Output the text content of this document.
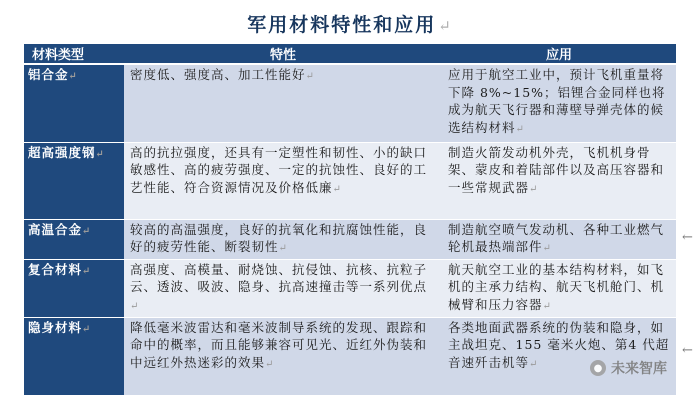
军用材料特性和应用 ↵
材料类型	特性	应用
铝合金↵	密度低、强度高、加工性能好↵	应用于航空工业中，预计飞机重量将下降 8%~15%；铝锂合金同样也将成为航天飞行器和薄壁导弹壳体的候选结构材料↵
超高强度钢↵	高的抗拉强度，还具有一定塑性和韧性、小的缺口敏感性、高的疲劳强度、一定的抗蚀性、良好的工艺性能、符合资源情况及价格低廉↵	制造火箭发动机外壳，飞机机身骨架、蒙皮和着陆部件以及高压容器和一些常规武器↵
高温合金↵	较高的高温强度，良好的抗氧化和抗腐蚀性能，良好的疲劳性能、断裂韧性↵	制造航空喷气发动机、各种工业燃气轮机最热端部件↵
复合材料↵	高强度、高模量、耐烧蚀、抗侵蚀、抗核、抗粒子云、透波、吸波、隐身、抗高速撞击等一系列优点↵	航天航空工业的基本结构材料，如飞机的主承力结构、航天飞机舱门、机械臂和压力容器↵
隐身材料↵	降低毫米波雷达和毫米波制导系统的发现、跟踪和命中的概率，而且能够兼容可见光、近红外伪装和中远红外热迷彩的效果↵	各类地面武器系统的伪装和隐身，如主战坦克、155 毫米火炮、第4 代超音速歼击机等↵
←
←
● 未来智库
